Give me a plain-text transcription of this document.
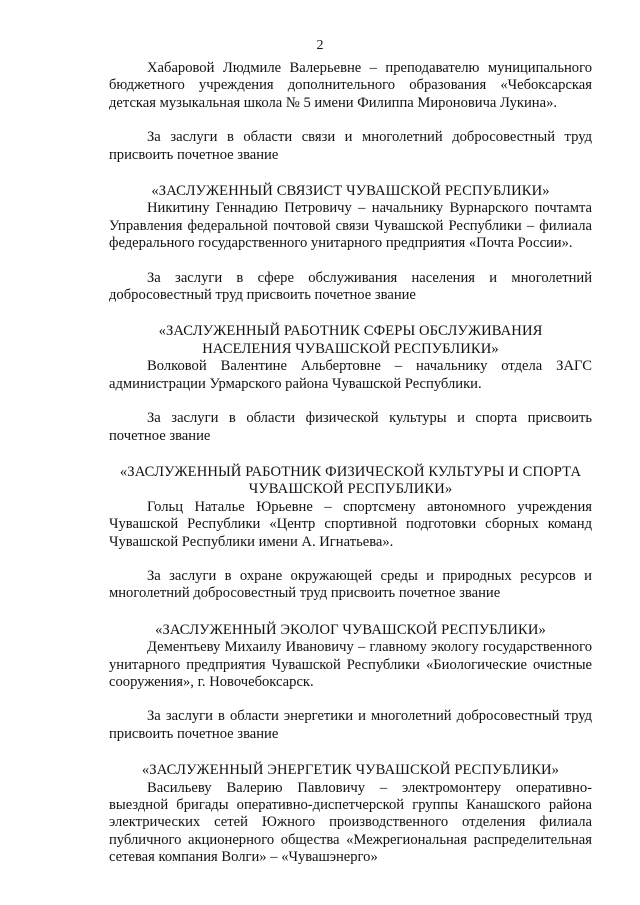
2

Хабаровой Людмиле Валерьевне – преподавателю муниципального бюджетного учреждения дополнительного образования «Чебоксарская детская музыкальная школа № 5 имени Филиппа Мироновича Лукина».

За заслуги в области связи и многолетний добросовестный труд присвоить почетное звание

«ЗАСЛУЖЕННЫЙ СВЯЗИСТ ЧУВАШСКОЙ РЕСПУБЛИКИ»

Никитину Геннадию Петровичу – начальнику Вурнарского почтамта Управления федеральной почтовой связи Чувашской Республики – филиала федерального государственного унитарного предприятия «Почта России».

За заслуги в сфере обслуживания населения и многолетний добросовестный труд присвоить почетное звание

«ЗАСЛУЖЕННЫЙ РАБОТНИК СФЕРЫ ОБСЛУЖИВАНИЯ НАСЕЛЕНИЯ ЧУВАШСКОЙ РЕСПУБЛИКИ»

Волковой Валентине Альбертовне – начальнику отдела ЗАГС администрации Урмарского района Чувашской Республики.

За заслуги в области физической культуры и спорта присвоить почетное звание

«ЗАСЛУЖЕННЫЙ РАБОТНИК ФИЗИЧЕСКОЙ КУЛЬТУРЫ И СПОРТА ЧУВАШСКОЙ РЕСПУБЛИКИ»

Гольц Наталье Юрьевне – спортсмену автономного учреждения Чувашской Республики «Центр спортивной подготовки сборных команд Чувашской Республики имени А. Игнатьева».

За заслуги в охране окружающей среды и природных ресурсов и многолетний добросовестный труд присвоить почетное звание

«ЗАСЛУЖЕННЫЙ ЭКОЛОГ ЧУВАШСКОЙ РЕСПУБЛИКИ»

Дементьеву Михаилу Ивановичу – главному экологу государственного унитарного предприятия Чувашской Республики «Биологические очистные сооружения», г. Новочебоксарск.

За заслуги в области энергетики и многолетний добросовестный труд присвоить почетное звание

«ЗАСЛУЖЕННЫЙ ЭНЕРГЕТИК ЧУВАШСКОЙ РЕСПУБЛИКИ»

Васильеву Валерию Павловичу – электромонтеру оперативно-выездной бригады оперативно-диспетчерской группы Канашского района электрических сетей Южного производственного отделения филиала публичного акционерного общества «Межрегиональная распределительная сетевая компания Волги» – «Чувашэнерго»
